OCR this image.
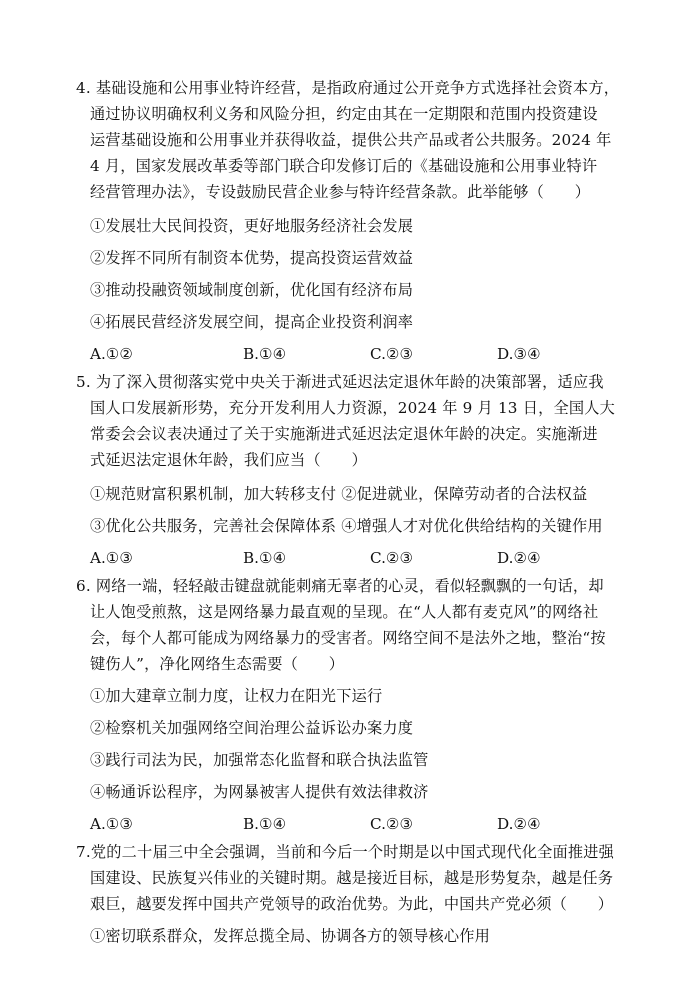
4. 基础设施和公用事业特许经营，是指政府通过公开竞争方式选择社会资本方，
通过协议明确权利义务和风险分担，约定由其在一定期限和范围内投资建设
运营基础设施和公用事业并获得收益，提供公共产品或者公共服务。2024 年
4 月，国家发展改革委等部门联合印发修订后的《基础设施和公用事业特许
经营管理办法》，专设鼓励民营企业参与特许经营条款。此举能够（　　）
①发展壮大民间投资，更好地服务经济社会发展
②发挥不同所有制资本优势，提高投资运营效益
③推动投融资领域制度创新，优化国有经济布局
④拓展民营经济发展空间，提高企业投资利润率
A.①②	B.①④	C.②③	D.③④
5. 为了深入贯彻落实党中央关于渐进式延迟法定退休年龄的决策部署，适应我
国人口发展新形势，充分开发利用人力资源，2024 年 9 月 13 日，全国人大
常委会会议表决通过了关于实施渐进式延迟法定退休年龄的决定。实施渐进
式延迟法定退休年龄，我们应当（　　）
①规范财富积累机制，加大转移支付 ②促进就业，保障劳动者的合法权益
③优化公共服务，完善社会保障体系 ④增强人才对优化供给结构的关键作用
A.①③	B.①④	C.②③	D.②④
6. 网络一端，轻轻敲击键盘就能刺痛无辜者的心灵，看似轻飘飘的一句话，却
让人饱受煎熬，这是网络暴力最直观的呈现。在“人人都有麦克风”的网络社
会，每个人都可能成为网络暴力的受害者。网络空间不是法外之地，整治“按
键伤人”，净化网络生态需要（　　）
①加大建章立制力度，让权力在阳光下运行
②检察机关加强网络空间治理公益诉讼办案力度
③践行司法为民，加强常态化监督和联合执法监管
④畅通诉讼程序，为网暴被害人提供有效法律救济
A.①③	B.①④	C.②③	D.②④
7.党的二十届三中全会强调，当前和今后一个时期是以中国式现代化全面推进强
国建设、民族复兴伟业的关键时期。越是接近目标，越是形势复杂，越是任务
艰巨，越要发挥中国共产党领导的政治优势。为此，中国共产党必须（　　）
①密切联系群众，发挥总揽全局、协调各方的领导核心作用
